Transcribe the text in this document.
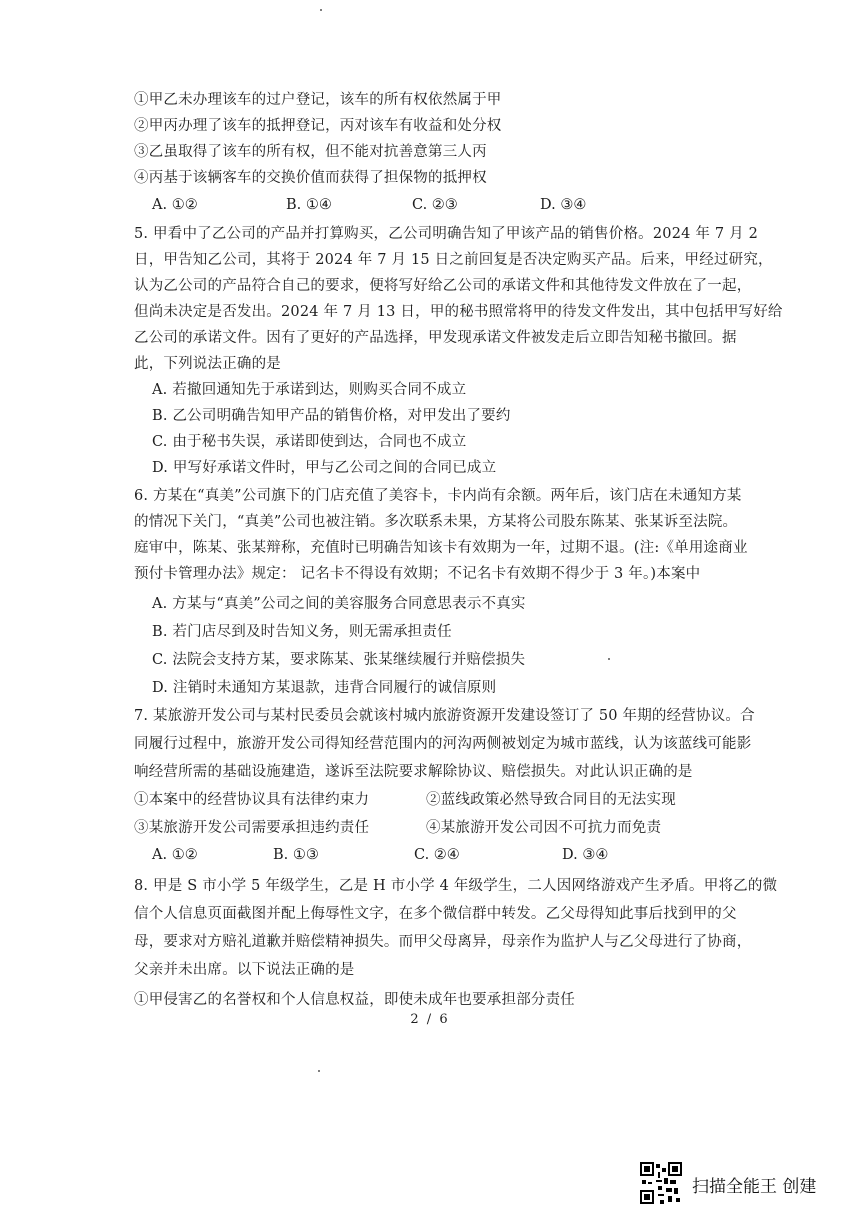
①甲乙未办理该车的过户登记，该车的所有权依然属于甲
②甲丙办理了该车的抵押登记，丙对该车有收益和处分权
③乙虽取得了该车的所有权，但不能对抗善意第三人丙
④丙基于该辆客车的交换价值而获得了担保物的抵押权
A. ①②	B. ①④	C. ②③	D. ③④
5. 甲看中了乙公司的产品并打算购买，乙公司明确告知了甲该产品的销售价格。2024 年 7 月 2
日，甲告知乙公司，其将于 2024 年 7 月 15 日之前回复是否决定购买产品。后来，甲经过研究，
认为乙公司的产品符合自己的要求，便将写好给乙公司的承诺文件和其他待发文件放在了一起，
但尚未决定是否发出。2024 年 7 月 13 日，甲的秘书照常将甲的待发文件发出，其中包括甲写好给
乙公司的承诺文件。因有了更好的产品选择，甲发现承诺文件被发走后立即告知秘书撤回。据
此，下列说法正确的是
A. 若撤回通知先于承诺到达，则购买合同不成立
B. 乙公司明确告知甲产品的销售价格，对甲发出了要约
C. 由于秘书失误，承诺即使到达，合同也不成立
D. 甲写好承诺文件时，甲与乙公司之间的合同已成立
6. 方某在“真美”公司旗下的门店充值了美容卡，卡内尚有余额。两年后，该门店在未通知方某
的情况下关门，“真美”公司也被注销。多次联系未果，方某将公司股东陈某、张某诉至法院。
庭审中，陈某、张某辩称，充值时已明确告知该卡有效期为一年，过期不退。(注:《单用途商业
预付卡管理办法》规定： 记名卡不得设有效期；不记名卡有效期不得少于 3 年。)本案中
A. 方某与“真美”公司之间的美容服务合同意思表示不真实
B. 若门店尽到及时告知义务，则无需承担责任
C. 法院会支持方某，要求陈某、张某继续履行并赔偿损失
D. 注销时未通知方某退款，违背合同履行的诚信原则
7. 某旅游开发公司与某村民委员会就该村城内旅游资源开发建设签订了 50 年期的经营协议。合
同履行过程中，旅游开发公司得知经营范围内的河沟两侧被划定为城市蓝线，认为该蓝线可能影
响经营所需的基础设施建造，遂诉至法院要求解除协议、赔偿损失。对此认识正确的是
①本案中的经营协议具有法律约束力	②蓝线政策必然导致合同目的无法实现
③某旅游开发公司需要承担违约责任	④某旅游开发公司因不可抗力而免责
A. ①②	B. ①③	C. ②④	D. ③④
8. 甲是 S 市小学 5 年级学生，乙是 H 市小学 4 年级学生，二人因网络游戏产生矛盾。甲将乙的微
信个人信息页面截图并配上侮辱性文字，在多个微信群中转发。乙父母得知此事后找到甲的父
母，要求对方赔礼道歉并赔偿精神损失。而甲父母离异，母亲作为监护人与乙父母进行了协商，
父亲并未出席。以下说法正确的是
①甲侵害乙的名誉权和个人信息权益，即使未成年也要承担部分责任
2 / 6
扫描全能王 创建
